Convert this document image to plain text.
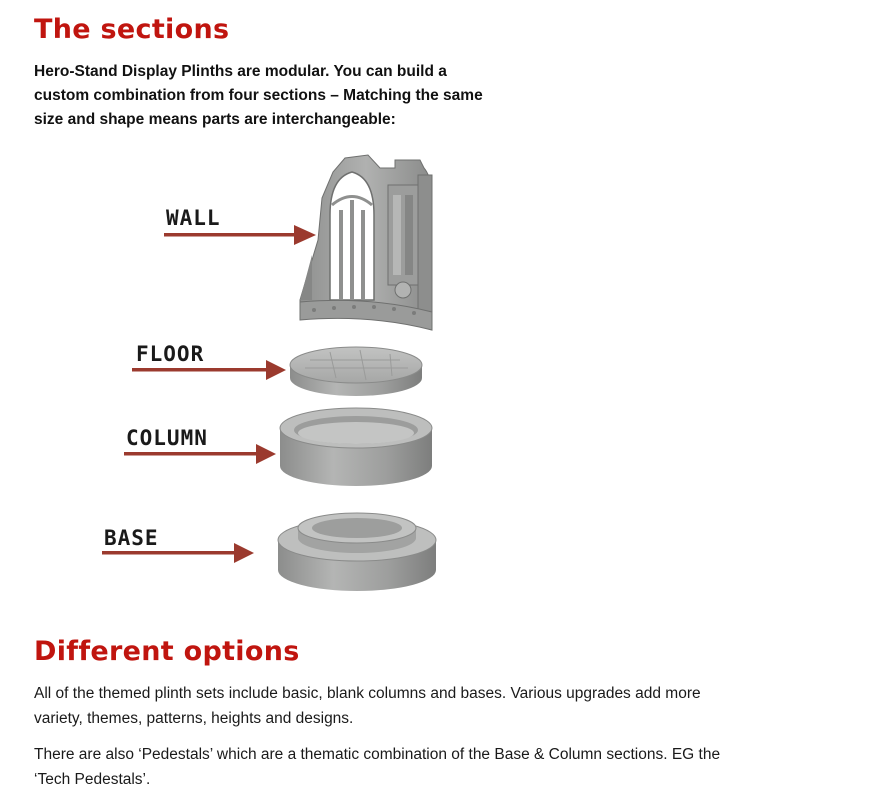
The sections
Hero-Stand Display Plinths are modular. You can build a
custom combination from four sections – Matching the same
size and shape means parts are interchangeable:
WALL
FLOOR
COLUMN
BASE
Different options
All of the themed plinth sets include basic, blank columns and bases. Various upgrades add more
variety, themes, patterns, heights and designs.
There are also ‘Pedestals’ which are a thematic combination of the Base & Column sections. EG the
‘Tech Pedestals’.
